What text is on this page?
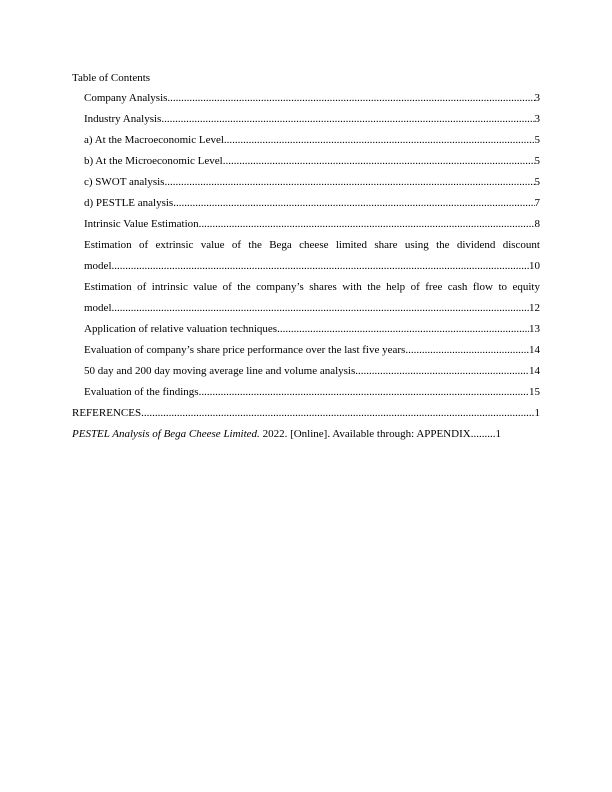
Table of Contents
Company Analysis .....	3
Industry Analysis .....	3
a) At the Macroeconomic Level .....	5
b) At the Microeconomic Level .....	5
c) SWOT analysis .....	5
d) PESTLE analysis .....	7
Intrinsic Value Estimation .....	8
Estimation of extrinsic value of the Bega cheese limited share using the dividend discount
model .....	10
Estimation of intrinsic value of the company’s shares with the help of free cash flow to equity
model .....	12
Application of relative valuation techniques .....	13
Evaluation of company’s share price performance over the last five years .....	14
50 day and 200 day moving average line and volume analysis .....	14
Evaluation of the findings .....	15
REFERENCES .....	1
PESTEL Analysis of Bega Cheese Limited. 2022. [Online]. Available through: APPENDIX ..... 1
